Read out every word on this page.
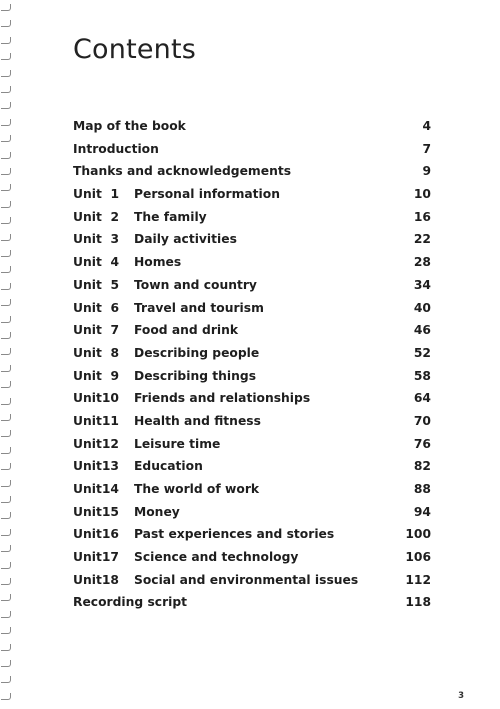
Contents
Map of the book	4
Introduction	7
Thanks and acknowledgements	9
Unit 1 Personal information	10
Unit 2 The family	16
Unit 3 Daily activities	22
Unit 4 Homes	28
Unit 5 Town and country	34
Unit 6 Travel and tourism	40
Unit 7 Food and drink	46
Unit 8 Describing people	52
Unit 9 Describing things	58
Unit 10 Friends and relationships	64
Unit 11 Health and fitness	70
Unit 12 Leisure time	76
Unit 13 Education	82
Unit 14 The world of work	88
Unit 15 Money	94
Unit 16 Past experiences and stories	100
Unit 17 Science and technology	106
Unit 18 Social and environmental issues	112
Recording script	118
3
